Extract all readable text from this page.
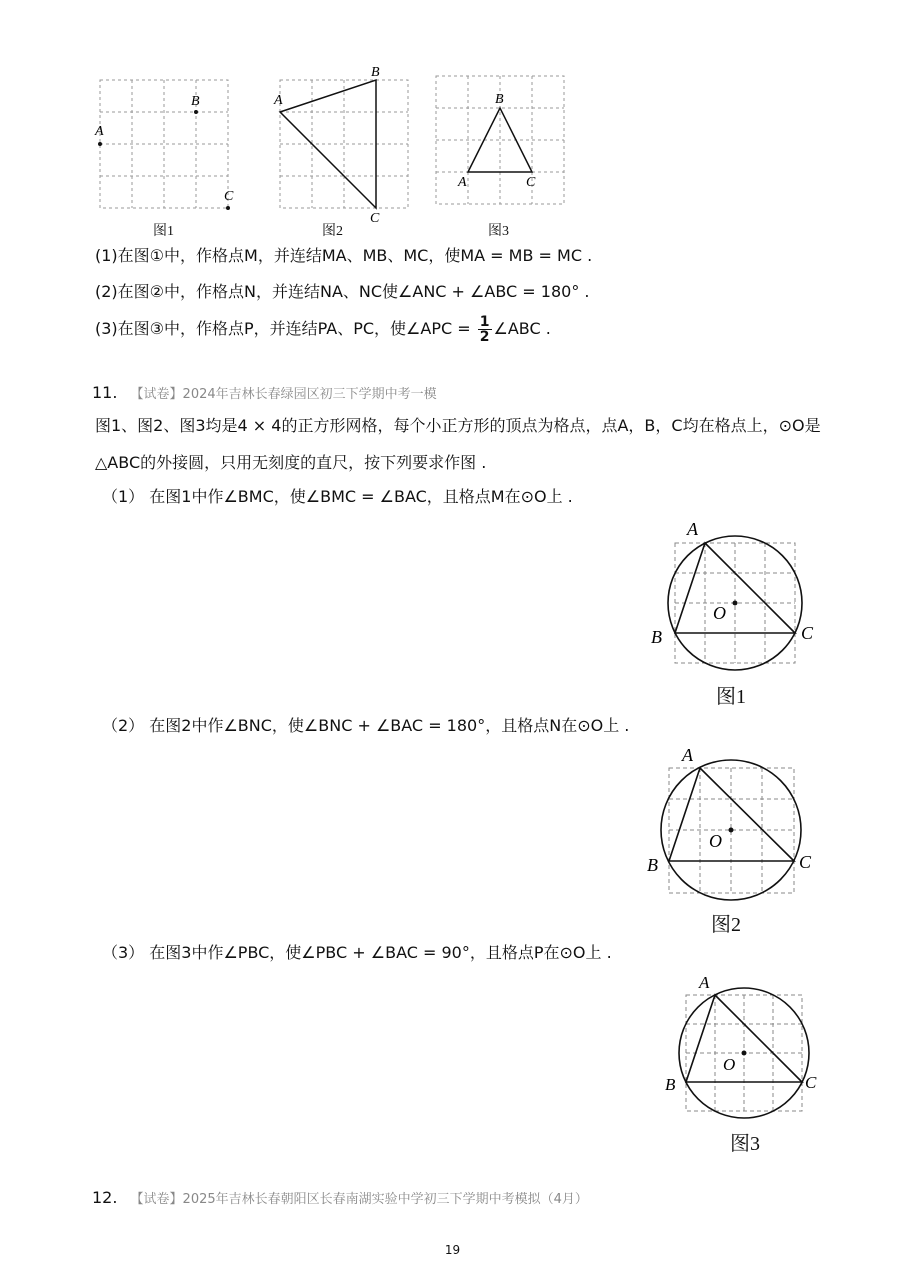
B
A
C
图1
A
B
C
图2
B
A	C
图3
(1)在图①中，作格点M，并连结MA、MB、MC，使MA = MB = MC .
(2)在图②中，作格点N，并连结NA、NC使∠ANC + ∠ABC = 180° .
(3)在图③中，作格点P，并连结PA、PC，使∠APC = $\frac{1}{2}$ ∠ABC .
11. 【试卷】2024年吉林长春绿园区初三下学期中考一模
图1、图2、图3均是4 × 4的正方形网格，每个小正方形的顶点为格点，点A，B，C均在格点上，⊙O是
△ABC的外接圆，只用无刻度的直尺，按下列要求作图 .
（1） 在图1中作∠BMC，使∠BMC = ∠BAC，且格点M在⊙O上 .
（2） 在图2中作∠BNC，使∠BNC + ∠BAC = 180°，且格点N在⊙O上 .
（3） 在图3中作∠PBC，使∠PBC + ∠BAC = 90°，且格点P在⊙O上 .
A
O
B	C
图1
A
O
B	C
图2
A
O
B	C
图3
12. 【试卷】2025年吉林长春朝阳区长春南湖实验中学初三下学期中考模拟（4月）
19
